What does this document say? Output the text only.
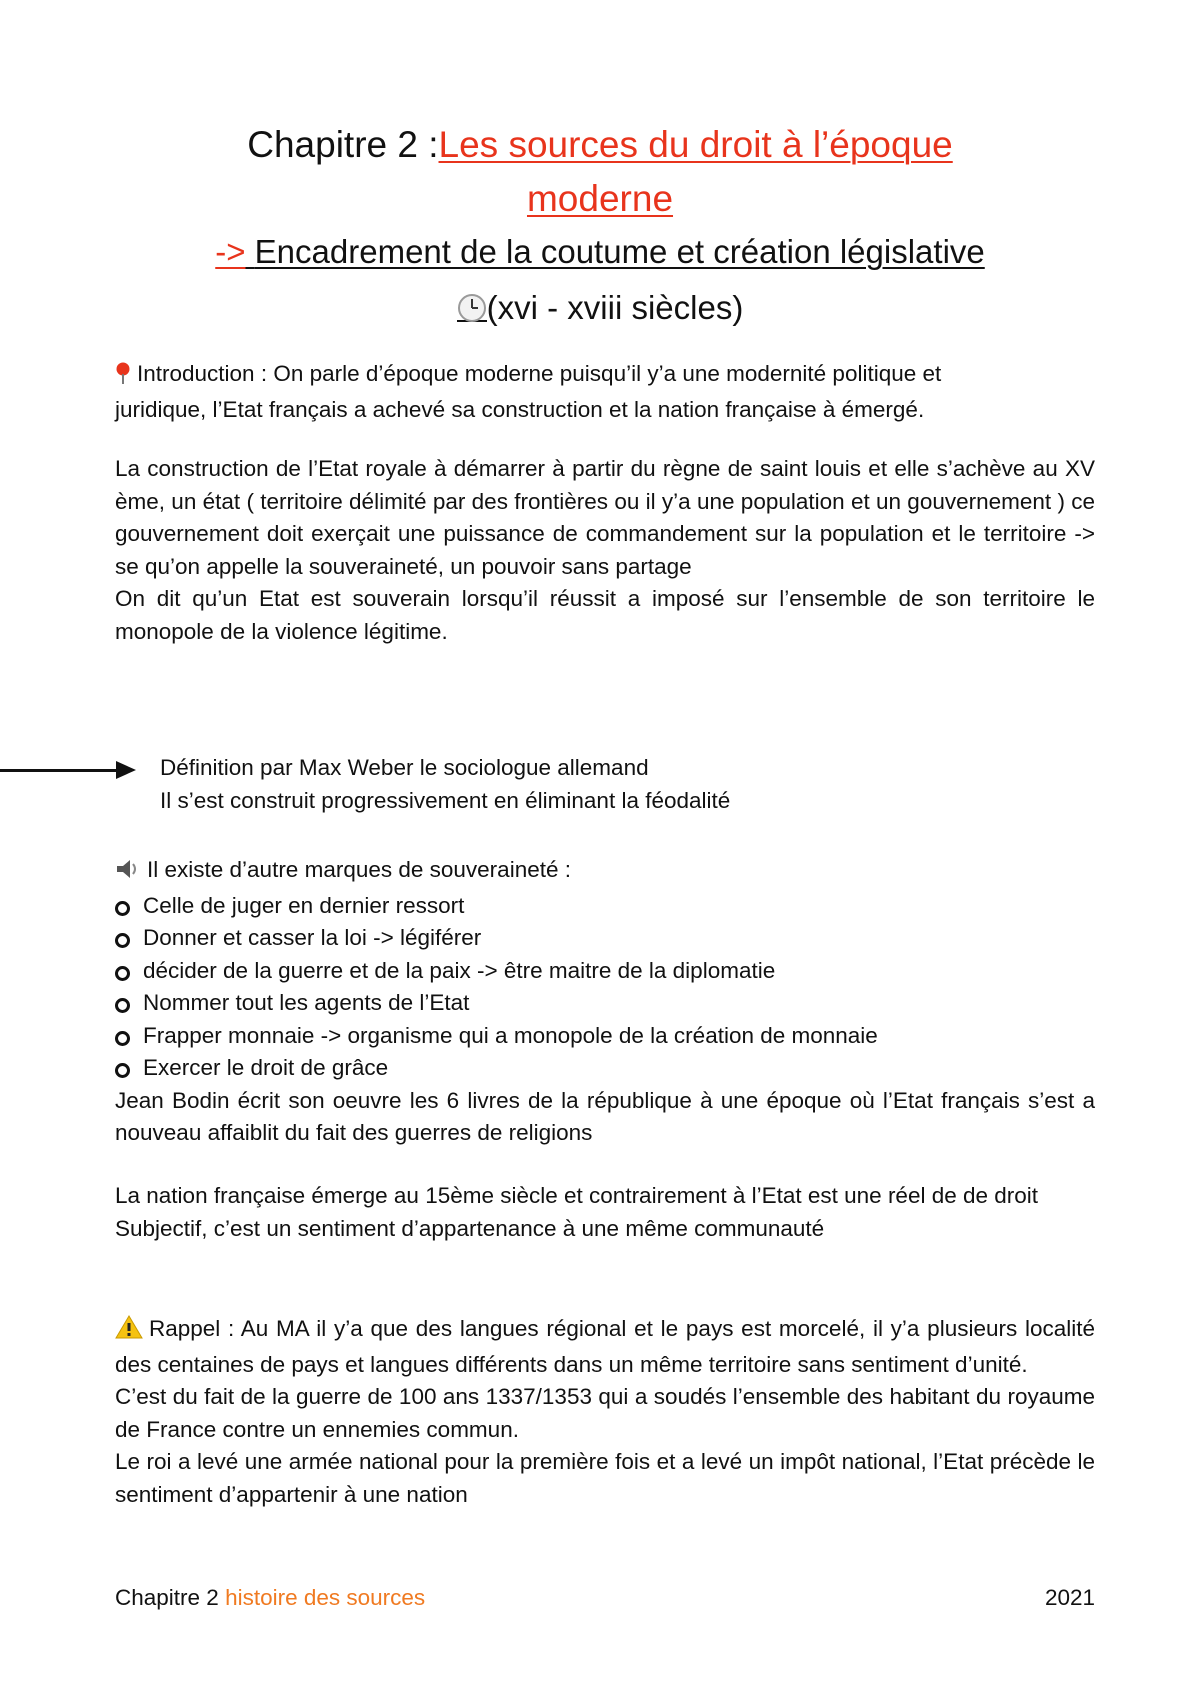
Chapitre 2 :Les sources du droit à l’époque
moderne
-> Encadrement de la coutume et création législative
(xvi - xviii siècles)

Introduction : On parle d’époque moderne puisqu’il y’a une modernité politique et
juridique, l’Etat français a achevé sa construction et la nation française à émergé.

La construction de l’Etat royale à démarrer à partir du règne de saint louis et elle s’achève au XV ème, un état ( territoire délimité par des frontières ou il y’a une population et un gouvernement ) ce gouvernement doit exerçait une puissance de commandement sur la population et le territoire -> se qu’on appelle la souveraineté, un pouvoir sans partage

On dit qu’un Etat est souverain lorsqu’il réussit a imposé sur l’ensemble de son territoire le monopole de la violence légitime.

Définition par Max Weber le sociologue allemand
Il s’est construit progressivement en éliminant la féodalité

Il existe d’autre marques de souveraineté :

Celle de juger en dernier ressort
Donner et casser la loi -> légiférer
décider de la guerre et de la paix -> être maitre de la diplomatie
Nommer tout les agents de l’Etat
Frapper monnaie -> organisme qui a monopole de la création de monnaie
Exercer le droit de grâce

Jean Bodin écrit son oeuvre les 6 livres de la république à une époque où l’Etat français s’est a nouveau affaiblit du fait des guerres de religions

La nation française émerge au 15ème siècle et contrairement à l’Etat est une réel de de droit

Subjectif, c’est un sentiment d’appartenance à une même communauté

Rappel : Au MA il y’a que des langues régional et le pays est morcelé, il y’a plusieurs localité des centaines de pays et langues différents dans un même territoire sans sentiment d’unité.

C’est du fait de la guerre de 100 ans 1337/1353 qui a soudés l’ensemble des habitant du royaume de France contre un ennemies commun.

Le roi a levé une armée national pour la première fois et a levé un impôt national, l’Etat précède le sentiment d’appartenir à une nation

Chapitre 2 histoire des sources	2021
